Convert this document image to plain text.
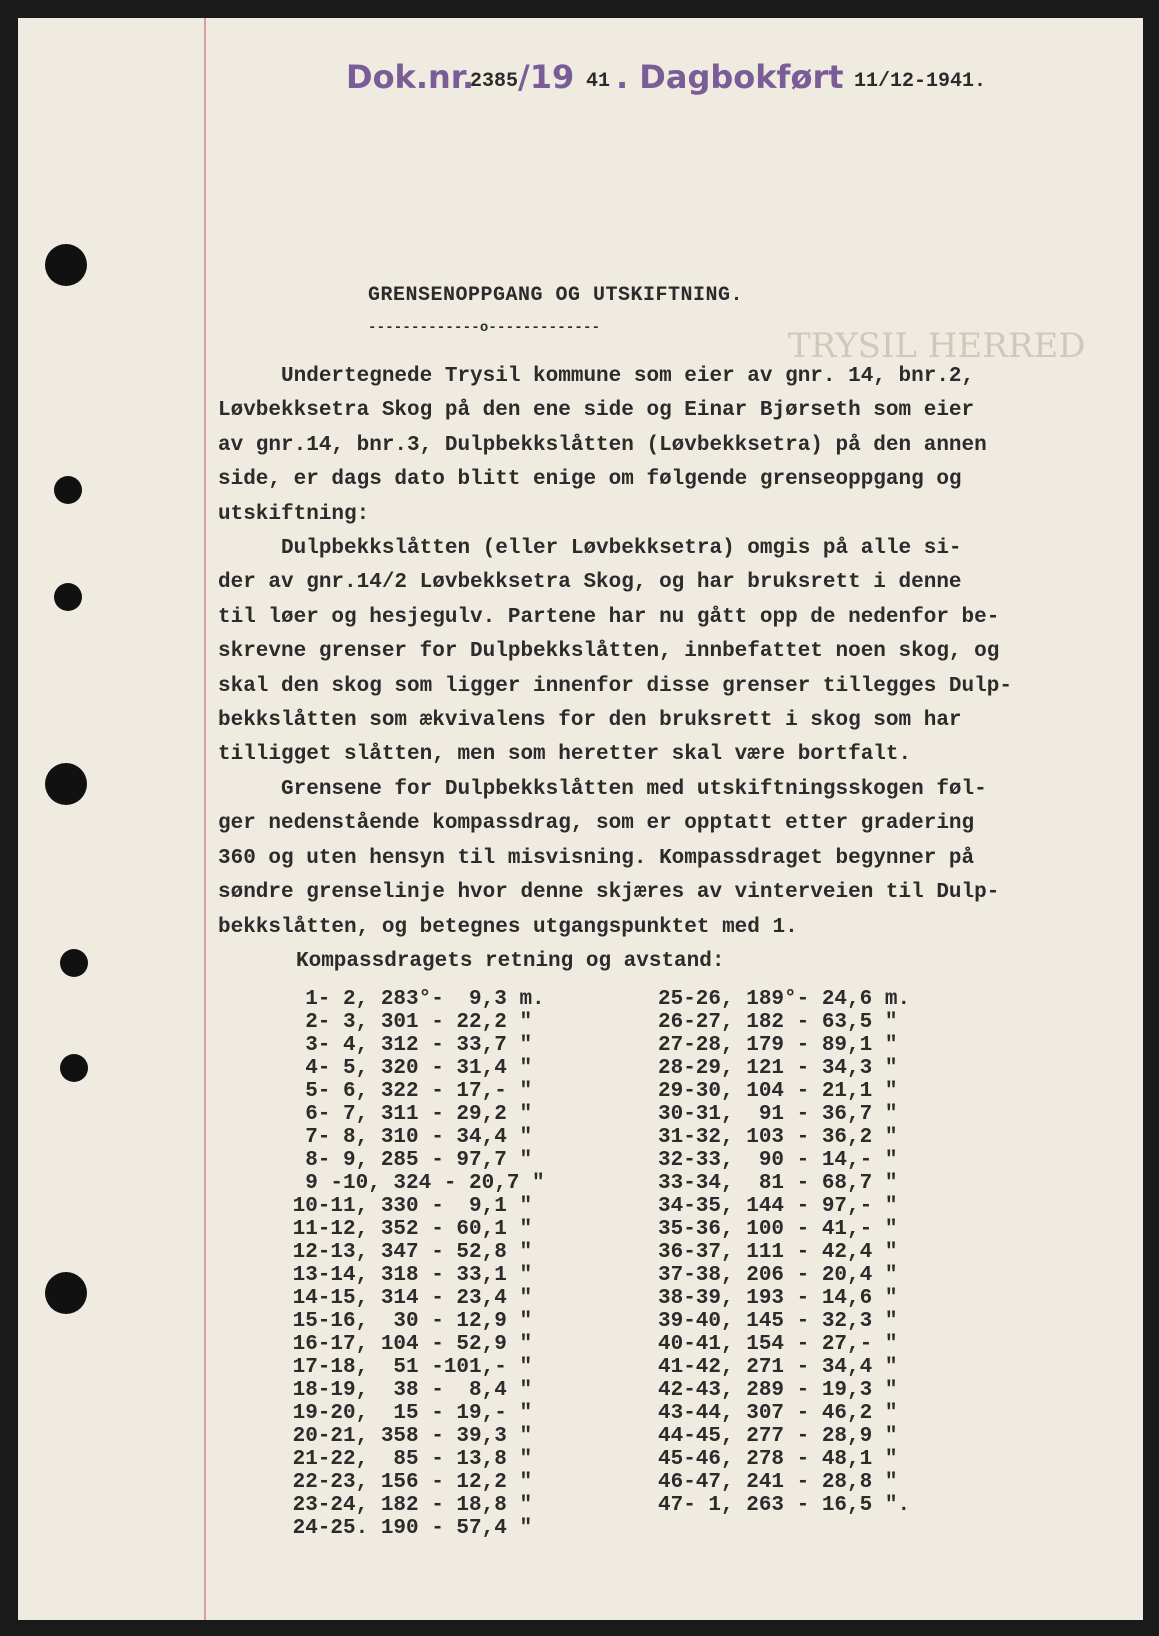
TRYSIL HERRED
Dok.nr.
2385 /19 41 . Dagbokført 11/12-1941.
GRENSENOPPGANG OG UTSKIFTNING.
-------------o-------------
Undertegnede Trysil kommune som eier av gnr. 14, bnr.2,
Løvbekksetra Skog på den ene side og Einar Bjørseth som eier
av gnr.14, bnr.3, Dulpbekkslåtten (Løvbekksetra) på den annen
side, er dags dato blitt enige om følgende grenseoppgang og
utskiftning:
Dulpbekkslåtten (eller Løvbekksetra) omgis på alle si-
der av gnr.14/2 Løvbekksetra Skog, og har bruksrett i denne
til løer og hesjegulv. Partene har nu gått opp de nedenfor be-
skrevne grenser for Dulpbekkslåtten, innbefattet noen skog, og
skal den skog som ligger innenfor disse grenser tillegges Dulp-
bekkslåtten som ækvivalens for den bruksrett i skog som har
tilligget slåtten, men som heretter skal være bortfalt.
Grensene for Dulpbekkslåtten med utskiftningsskogen føl-
ger nedenstående kompassdrag, som er opptatt etter gradering
360 og uten hensyn til misvisning. Kompassdraget begynner på
søndre grenselinje hvor denne skjæres av vinterveien til Dulp-
bekkslåtten, og betegnes utgangspunktet med 1.
Kompassdragets retning og avstand:
1- 2, 283°-  9,3 m.
2- 3, 301 - 22,2 "
3- 4, 312 - 33,7 "
4- 5, 320 - 31,4 "
5- 6, 322 - 17,- "
6- 7, 311 - 29,2 "
7- 8, 310 - 34,4 "
8- 9, 285 - 97,7 "
9 -10, 324 - 20,7 "
10-11, 330 -  9,1 "
11-12, 352 - 60,1 "
12-13, 347 - 52,8 "
13-14, 318 - 33,1 "
14-15, 314 - 23,4 "
15-16,  30 - 12,9 "
16-17, 104 - 52,9 "
17-18,  51 -101,- "
18-19,  38 -  8,4 "
19-20,  15 - 19,- "
20-21, 358 - 39,3 "
21-22,  85 - 13,8 "
22-23, 156 - 12,2 "
23-24, 182 - 18,8 "
24-25. 190 - 57,4 "
25-26, 189°- 24,6 m.
26-27, 182 - 63,5 "
27-28, 179 - 89,1 "
28-29, 121 - 34,3 "
29-30, 104 - 21,1 "
30-31,  91 - 36,7 "
31-32, 103 - 36,2 "
32-33,  90 - 14,- "
33-34,  81 - 68,7 "
34-35, 144 - 97,- "
35-36, 100 - 41,- "
36-37, 111 - 42,4 "
37-38, 206 - 20,4 "
38-39, 193 - 14,6 "
39-40, 145 - 32,3 "
40-41, 154 - 27,- "
41-42, 271 - 34,4 "
42-43, 289 - 19,3 "
43-44, 307 - 46,2 "
44-45, 277 - 28,9 "
45-46, 278 - 48,1 "
46-47, 241 - 28,8 "
47- 1, 263 - 16,5 ".
